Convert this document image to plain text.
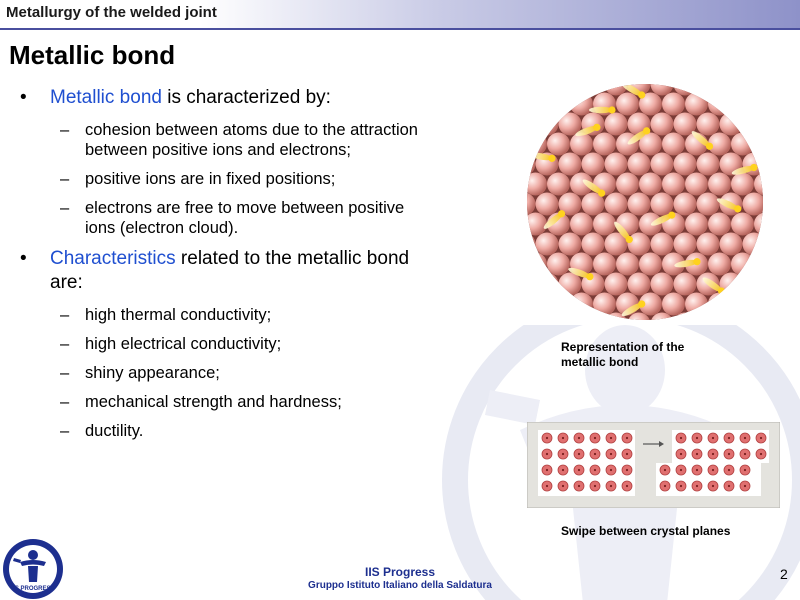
Metallurgy of the welded joint
Metallic bond
• Metallic bond is characterized by:
– cohesion between atoms due to the attraction between positive ions and electrons;
– positive ions are in fixed positions;
– electrons are free to move between positive ions (electron cloud).
• Characteristics related to the metallic bond are:
– high thermal conductivity;
– high electrical conductivity;
– shiny appearance;
– mechanical strength and hardness;
– ductility.
Representation of the metallic bond
Swipe between crystal planes
IIS PROGRESS
IIS Progress
Gruppo Istituto Italiano della Saldatura
2
